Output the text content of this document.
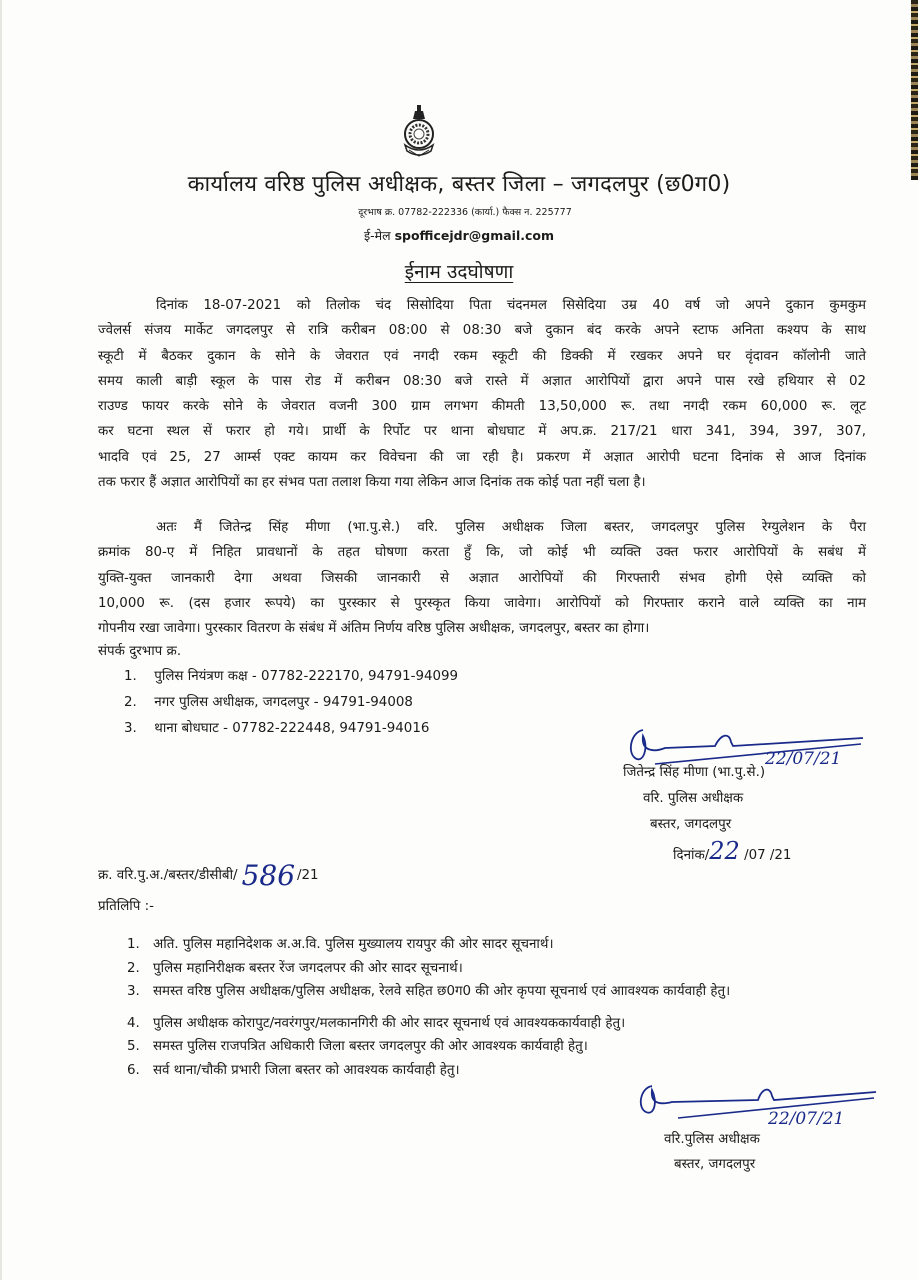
कार्यालय वरिष्ठ पुलिस अधीक्षक, बस्तर जिला – जगदलपुर (छ0ग0)
दूरभाष क्र. 07782-222336 (कार्या.) फैक्स न. 225777
ई-मेल spofficejdr@gmail.com
ईनाम उदघोषणा
दिनांक 18-07-2021 को तिलोक चंद सिसोदिया पिता चंदनमल सिसेदिया उम्र 40 वर्ष जो अपने दुकान कुमकुम
ज्वेलर्स संजय मार्केट जगदलपुर से रात्रि करीबन 08:00 से 08:30 बजे दुकान बंद करके अपने स्टाफ अनिता कश्यप के साथ
स्कूटी में बैठकर दुकान के सोने के जेवरात एवं नगदी रकम स्कूटी की डिक्की में रखकर अपने घर वृंदावन कॉलोनी जाते
समय काली बाड़ी स्कूल के पास रोड में करीबन 08:30 बजे रास्ते में अज्ञात आरोपियों द्वारा अपने पास रखे हथियार से 02
राउण्ड फायर करके सोने के जेवरात वजनी 300 ग्राम लगभग कीमती 13,50,000 रू. तथा नगदी रकम 60,000 रू. लूट
कर घटना स्थल सें फरार हो गये। प्रार्थी के रिर्पोट पर थाना बोधघाट में अप.क्र. 217/21 धारा 341, 394, 397, 307,
भादवि एवं 25, 27 आर्म्स एक्ट कायम कर विवेचना की जा रही है। प्रकरण में अज्ञात आरोपी घटना दिनांक से आज दिनांक
तक फरार हैं अज्ञात आरोपियों का हर संभव पता तलाश किया गया लेकिन आज दिनांक तक कोई पता नहीं चला है।
अतः मैं जितेन्द्र सिंह मीणा (भा.पु.से.) वरि. पुलिस अधीक्षक जिला बस्तर, जगदलपुर पुलिस रेग्युलेशन के पैरा
क्रमांक 80-ए में निहित प्रावधानों के तहत घोषणा करता हुँ कि, जो कोई भी व्यक्ति उक्त फरार आरोपियों के सबंध में
युक्ति-युक्त जानकारी देगा अथवा जिसकी जानकारी से अज्ञात आरोपियों की गिरफ्तारी संभव होगी ऐसे व्यक्ति को
10,000 रू. (दस हजार रूपये) का पुरस्कार से पुरस्कृत किया जावेगा। आरोपियों को गिरफ्तार कराने वाले व्यक्ति का नाम
गोपनीय रखा जावेगा। पुरस्कार वितरण के संबंध में अंतिम निर्णय वरिष्ठ पुलिस अधीक्षक, जगदलपुर, बस्तर का होगा।
संपर्क दुरभाप क्र.
1. पुलिस नियंत्रण कक्ष - 07782-222170, 94791-94099
2. नगर पुलिस अधीक्षक, जगदलपुर - 94791-94008
3. थाना बोधघाट - 07782-222448, 94791-94016
22/07/21
जितेन्द्र सिंह मीणा (भा.पु.से.)
वरि. पुलिस अधीक्षक
बस्तर, जगदलपुर
दिनांक/22 /07 /21
क्र. वरि.पु.अ./बस्तर/डीसीबी/ 586 /21
प्रतिलिपि :-
1. अति. पुलिस महानिदेशक अ.अ.वि. पुलिस मुख्यालय रायपुर की ओर सादर सूचनार्थ।
2. पुलिस महानिरीक्षक बस्तर रेंज जगदलपर की ओर सादर सूचनार्थ।
3. समस्त वरिष्ठ पुलिस अधीक्षक/पुलिस अधीक्षक, रेलवे सहित छ0ग0 की ओर कृपया सूचनार्थ एवं आावश्यक कार्यवाही हेतु।
4. पुलिस अधीक्षक कोरापुट/नवरंगपुर/मलकानगिरी की ओर सादर सूचनार्थ एवं आवश्यककार्यवाही हेतु।
5. समस्त पुलिस राजपत्रित अधिकारी जिला बस्तर जगदलपुर की ओर आवश्यक कार्यवाही हेतु।
6. सर्व थाना/चौकी प्रभारी जिला बस्तर को आवश्यक कार्यवाही हेतु।
22/07/21
वरि.पुलिस अधीक्षक
बस्तर, जगदलपुर
